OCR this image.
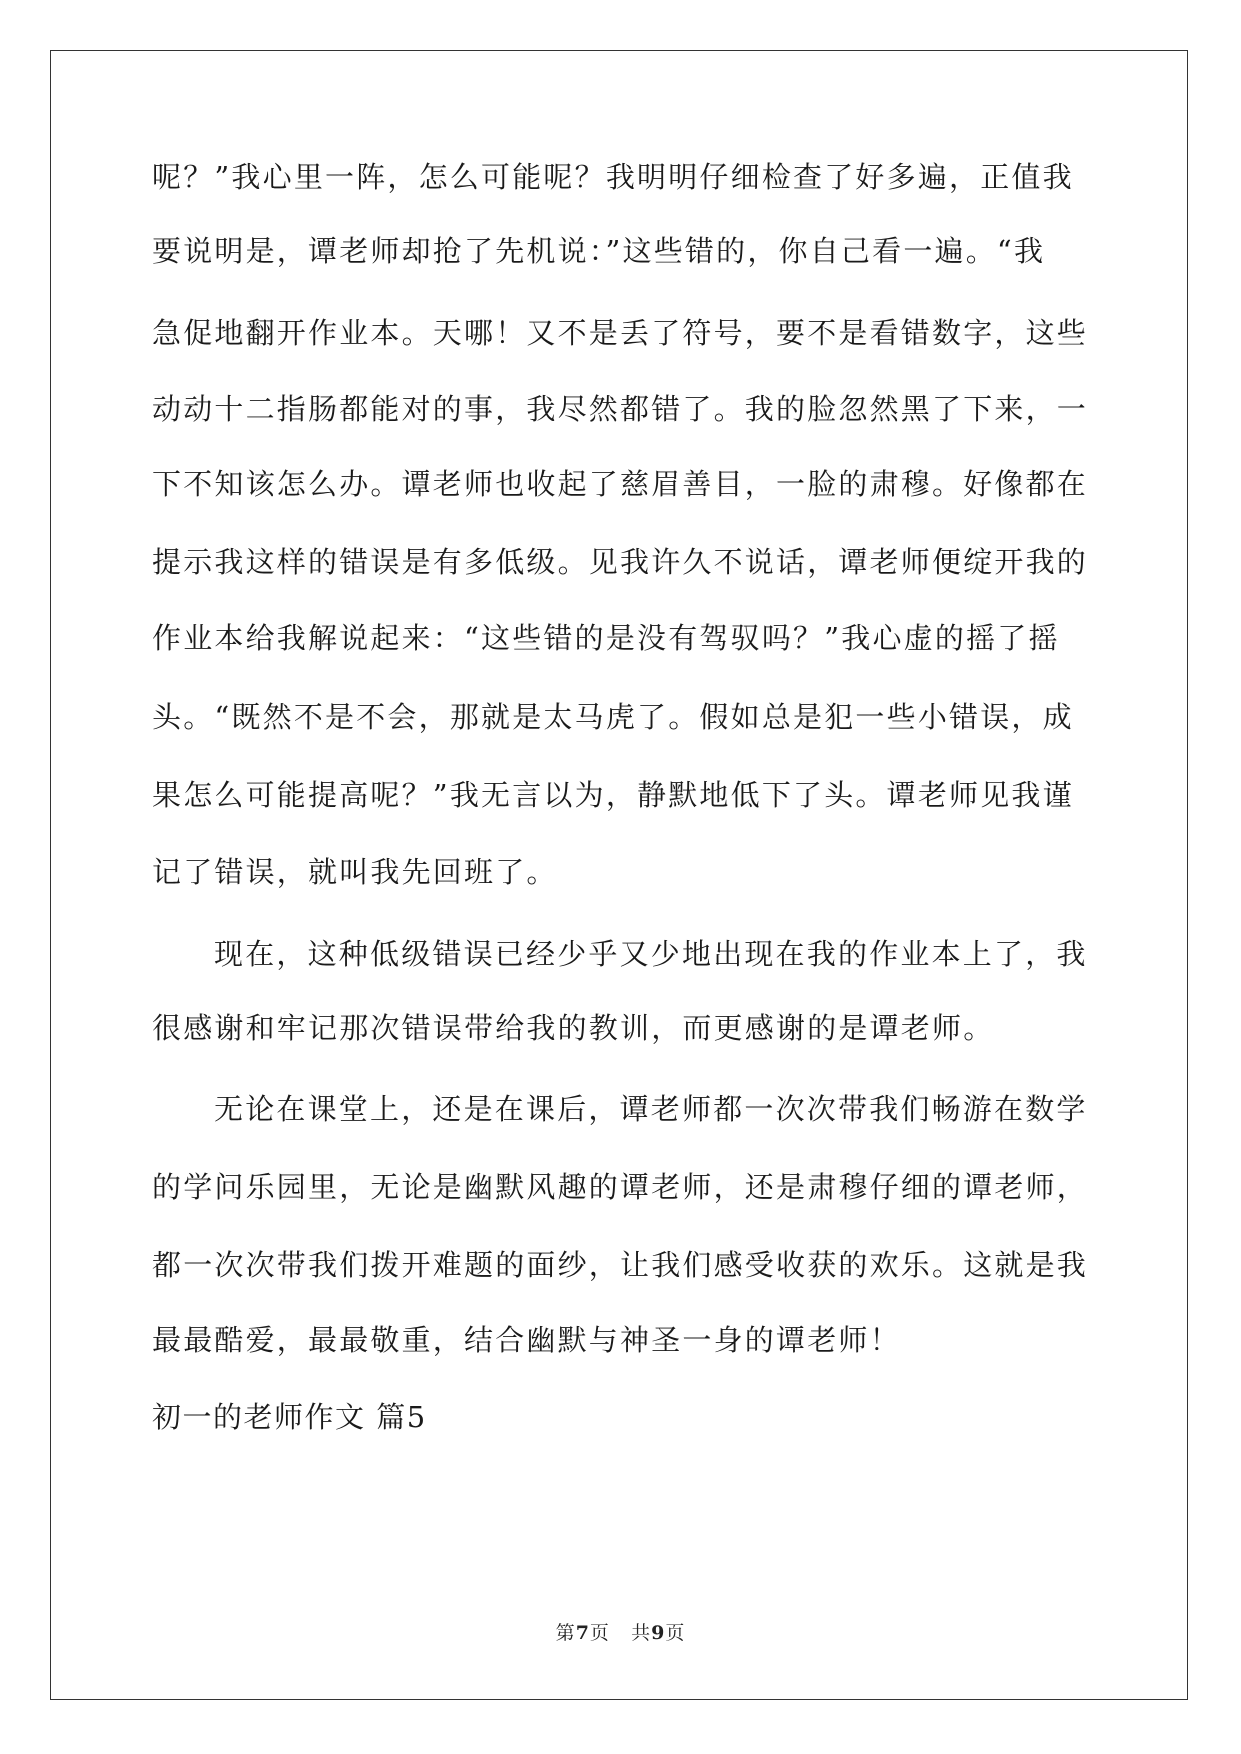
呢？”我心里一阵，怎么可能呢？我明明仔细检查了好多遍，正值我
要说明是，谭老师却抢了先机说：”这些错的，你自己看一遍。“我
急促地翻开作业本。天哪！又不是丢了符号，要不是看错数字，这些
动动十二指肠都能对的事，我尽然都错了。我的脸忽然黑了下来，一
下不知该怎么办。谭老师也收起了慈眉善目，一脸的肃穆。好像都在
提示我这样的错误是有多低级。见我许久不说话，谭老师便绽开我的
作业本给我解说起来：“这些错的是没有驾驭吗？”我心虚的摇了摇
头。“既然不是不会，那就是太马虎了。假如总是犯一些小错误，成
果怎么可能提高呢？”我无言以为，静默地低下了头。谭老师见我谨
记了错误，就叫我先回班了。
现在，这种低级错误已经少乎又少地出现在我的作业本上了，我
很感谢和牢记那次错误带给我的教训，而更感谢的是谭老师。
无论在课堂上，还是在课后，谭老师都一次次带我们畅游在数学
的学问乐园里，无论是幽默风趣的谭老师，还是肃穆仔细的谭老师，
都一次次带我们拨开难题的面纱，让我们感受收获的欢乐。这就是我
最最酷爱，最最敬重，结合幽默与神圣一身的谭老师！
初一的老师作文 篇5
第7页 共9页
